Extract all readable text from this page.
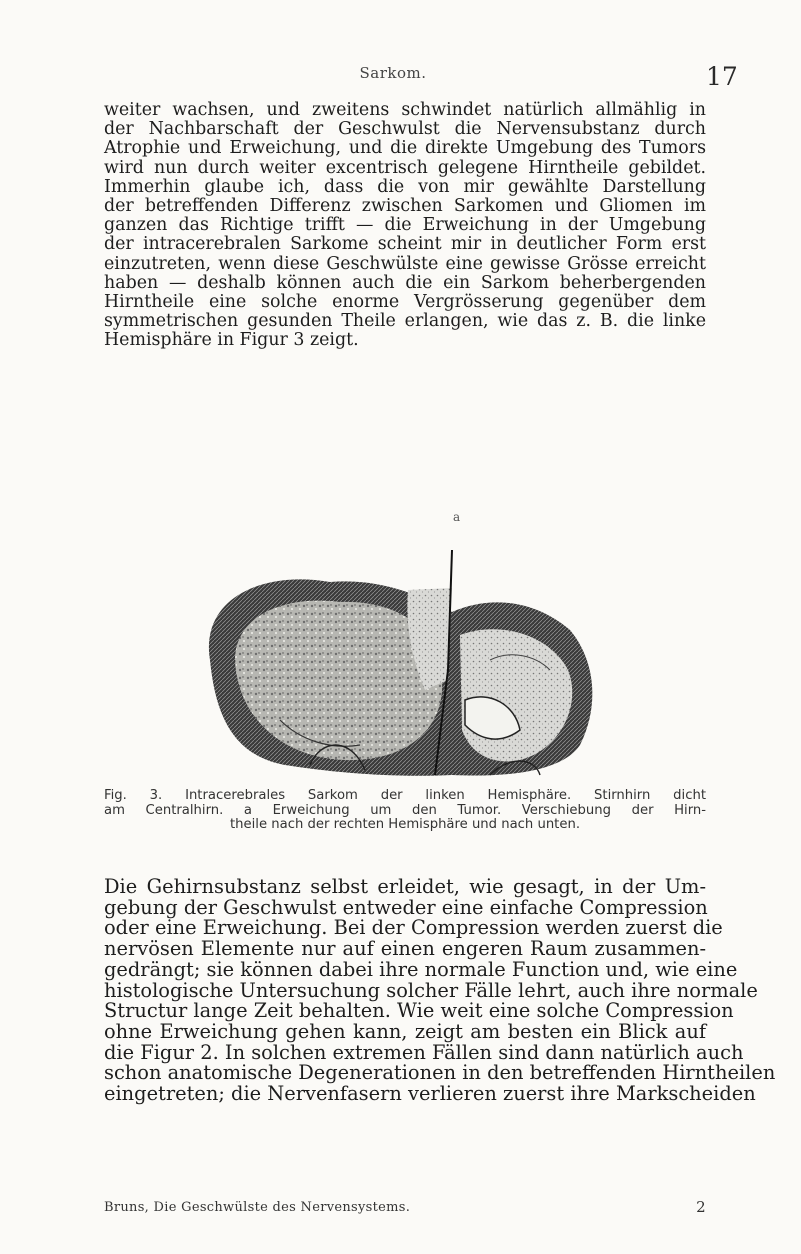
Sarkom.	17
weiter wachsen, und zweitens schwindet natürlich allmählig in
der Nachbarschaft der Geschwulst die Nervensubstanz durch
Atrophie und Erweichung, und die direkte Umgebung des Tumors
wird nun durch weiter excentrisch gelegene Hirntheile gebildet.
Immerhin glaube ich, dass die von mir gewählte Darstellung
der betreffenden Differenz zwischen Sarkomen und Gliomen im
ganzen das Richtige trifft — die Erweichung in der Umgebung
der intracerebralen Sarkome scheint mir in deutlicher Form erst
einzutreten, wenn diese Geschwülste eine gewisse Grösse erreicht
haben — deshalb können auch die ein Sarkom beherbergenden
Hirntheile eine solche enorme Vergrösserung gegenüber dem
symmetrischen gesunden Theile erlangen, wie das z. B. die linke
Hemisphäre in Figur 3 zeigt.
a
Fig. 3. Intracerebrales Sarkom der linken Hemisphäre. Stirnhirn dicht
am Centralhirn. a Erweichung um den Tumor. Verschiebung der Hirn-
theile nach der rechten Hemisphäre und nach unten.
Die Gehirnsubstanz selbst erleidet, wie gesagt, in der Um-
gebung der Geschwulst entweder eine einfache Compression
oder eine Erweichung. Bei der Compression werden zuerst die
nervösen Elemente nur auf einen engeren Raum zusammen-
gedrängt; sie können dabei ihre normale Function und, wie eine
histologische Untersuchung solcher Fälle lehrt, auch ihre normale
Structur lange Zeit behalten. Wie weit eine solche Compression
ohne Erweichung gehen kann, zeigt am besten ein Blick auf
die Figur 2. In solchen extremen Fällen sind dann natürlich auch
schon anatomische Degenerationen in den betreffenden Hirntheilen
eingetreten; die Nervenfasern verlieren zuerst ihre Markscheiden
Bruns, Die Geschwülste des Nervensystems.	2
